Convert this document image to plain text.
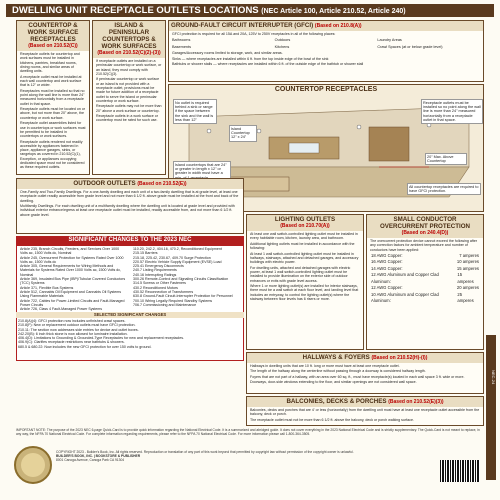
DWELLING UNIT RECEPTACLE OUTLETS LOCATIONS (NEC Article 100, Article 210.52, Article 240)
COUNTERTOP & WORK SURFACE RECEPTACLES
(Based on 210.52(C))

Receptacle outlets for countertop and work surfaces must be installed in kitchens, pantries, breakfast rooms, dining rooms, and similar areas of dwelling units.

A receptacle outlet must be installed at each wall countertop and work surface that is 12" or wider.

Receptacles must be installed so that no point along the wall line is more than 24" measured horizontally from a receptacle outlet in that space.

Receptacle outlets must be located on or above, but not more than 20" above, the countertop or work surface.

Receptacle outlet assemblies listed for use in countertops or work surfaces must be permitted to be installed in countertops or work surfaces.

Receptacle outlets rendered not readily accessible by appliances fastened in place, appliance garages, sinks, or rangetops as covered in 210.52(C)(1), Exception, or appliances occupying dedicated space must not be considered as these required outlets.

ISLAND & PENINSULAR COUNTERTOPS & WORK SURFACES
(Based on 210.52(C)(2)-(3))

If receptacle outlets are installed on a peninsular countertop or work surface, or an island, they must comply with 210.52(C)(3).

If peninsular countertop or work surface or an island is not provided with a receptacle outlet, provisions must be made for future addition of a receptacle outlet to serve the island or peninsular countertop or work surface.

Receptacle outlets may not be more than 20" above a work surface or countertop.

Receptacle outlets in a work surface or countertop must be rated for such use.

GROUND-FAULT CIRCUIT INTERRUPTER (GFCI) (Based on 210.8(A))
GFCI protection is required for all 15A and 20A, 125V to 250V receptacles in all of the following places:
Bathrooms	Outdoors	Laundry Areas
Basements	Kitchens	Crawl Spaces (at or below grade level)

Garages/Accessory rooms limited to storage, work, and similar areas.

Sinks — where receptacles are installed within 6 ft. from the top inside edge of the bowl of the sink

Bathtubs or shower stalls — where receptacles are installed within 6 ft. of the outside edge of the bathtub or shower stall

COUNTERTOP RECEPTACLES
No outlet is required behind a sink or range if the space between the sink and the wall is less than 12"
Island Countertop 12" x 24"
Island countertops that are 24" or greater in length x 12" or greater in width must have a
Receptacle outlets must be installed so no point along the wall line is more than 24" measured horizontally from a receptacle outlet in that space.
20" Max. Above Countertop
All countertop receptacles are required to have GFCI protection.
OUTDOOR OUTLETS (Based on 210.52(E))

One-Family and Two-Family Dwellings. For a one-family dwelling and each unit of a two-family dwelling that is at grade level, at least one receptacle outlet readily accessible from grade level and not more than 6 1/2 ft. above grade must be installed at the front and back of the dwelling.

Multifamily Dwellings. For each dwelling unit of a multifamily dwelling where the dwelling unit is located at grade level and provided with individual exterior entrance/egress at least one receptacle outlet must be installed, readily accessible from, and not more than 6 1/2 ft. above grade level.

SIGNIFICANT CHANGES TO THE 2023 NEC
Article 235, Branch Circuits, Feeders, and Services Over 1000 Volts ac, 1500 Volts dc, Nominal
Article 245, Overcurrent Protection for Systems Rated Over 1000 Volts ac, 1500 Volts dc
Article 305, General Requirements for Wiring Methods and Materials for Systems Rated Over 1000 Volts ac, 1500 Volts dc, Nominal
Article 369, Insulated Bus Pipe (IBP)/Tubular Covered Conductors (TCC) Systems
Article 371, Flexible Bus Systems
Article 512, Cannabis Oil Equipment and Cannabis Oil Systems Using Flammable Materials
Article 722, Cables for Power-Limited Circuits and Fault-Managed Power Circuits
Article 726, Class 4 Fault-Managed Power Systems
110.20, 242.2, 404.16, 470.2, Reconditioned Equipment
215.15 Barriers
215.18, 225.42, 230.67, 409.70 Surge Protection
220.57 Electric Vehicle Supply Equipment (EVSE) Load
225.41 Emergency Disconnects
240.7 Listing Requirements
240.16 Interrupting Ratings
300.26 Remote-Control and Signaling Circuits Classification
314.5 Screws or Other Fasteners
430.2 Reconditioned Motors
430.52 Reconnection of Transformers
630.8 Ground-Fault Circuit-Interrupter Protection for Personnel
700.10 Wiring Legally Required Standby Systems
706.7 Commissioning and Maintenance
SELECTED SIGNIFICANT CHANGES
210.8(A)(4): GFCI protection now includes unfinished crawl spaces.
210.8(F): New or replacement outdoor outlets must have GFCI protection.
210.11: The section now addresses side entries for device and outlet boxes.
242.20(B): 6 inch thick stone is now allowed for luminaire installation.
406.4(D): Limitations to Grounding & Grounded-Type Receptacles for new and replacement receptacles.
406.9(C): Clarifies receptacle restrictions near bathtubs & showers.
680.5 & 680.22: Now includes the new GFCI protection for over 150 volts to ground.
LIGHTING OUTLETS
(Based on 210.70(A))

At least one wall switch-controlled lighting outlet must be installed in every habitable room, kitchen, laundry area, and bathroom.

Additional lighting outlets must be installed in accordance with the following:

At least 1 wall switch-controlled lighting outlet must be installed in hallways, stairways, attached and detached garages, and accessory buildings with electric power.

For dwelling units, attached and detached garages with electric power, at least 1 wall switch-controlled lighting outlet must be installed to provide illumination on the exterior side of outdoor entrances or exits with grade level access.

Where 1 or more lighting outlet(s) are installed for interior stairways, there must be a wall switch at each floor level, and landing level that includes an entryway, to control the lighting outlet(s) where the stairway between floor levels has 6 risers or more.

SMALL CONDUCTOR OVERCURRENT PROTECTION
(Based on 240.4(D))
The overcurrent protection device cannot exceed the following after any correction factors for ambient temperature and number of conductors have been applied:
18 AWG Copper:	7 amperes
16 AWG Copper:	10 amperes
14 AWG Copper:	15 amperes
12 AWG Aluminum and Copper Clad Aluminum:
15 amperes
12 AWG Copper:	20 amperes
10 AWG Aluminum and Copper Clad Aluminum:
25 amperes
HALLWAYS & FOYERS (Based on 210.52(H)-(I))

Hallways in dwelling units that are 10 ft. long or more must have at least one receptacle outlet.

The length of the hallway along the centerline without passing through a doorway is considered hallway length.

Foyers that are not part of a hallway, with an area over 60 sq. ft., must have receptacle(s) located in each wall space 3 ft. wide or more.

Doorways, door-side windows extending to the floor, and similar openings are not considered wall space.

BALCONIES, DECKS & PORCHES (Based on 210.52(E)(3))

Balconies, decks and porches that are 4' or less (horizontally) from the dwelling unit must have at least one receptacle outlet accessible from the balcony, deck or porch.

The receptacle outlet must not be more than 6 1/2 ft. above the balcony, deck or porch walking surface.

IMPORTANT NOTE: The purpose of the 2023 NEC 6-page Quick-Card is to provide quick information regarding the National Electrical Code. It is a summarized and abridged guide. It does not cover everything in the 2023 National Electrical Code and is strictly supplementary. The Quick-Card is not meant to replace, in any way, the NFPA 70 National Electrical Code. For complete information regarding requirements, please refer to the NFPA 70 National Electrical Code. For more information please call 1-800-364-3505.
COPYRIGHT 2023 - Builder's Book, Inc. All rights reserved. Reproduction or translation of any part of this work beyond that permitted by copyright law without permission of the copyright owner is unlawful.
BUILDER'S BOOK, INC. | BOOKSTORE & PUBLISHER
8001 Canoga Avenue, Canoga Park CA 91304
NEC-24
